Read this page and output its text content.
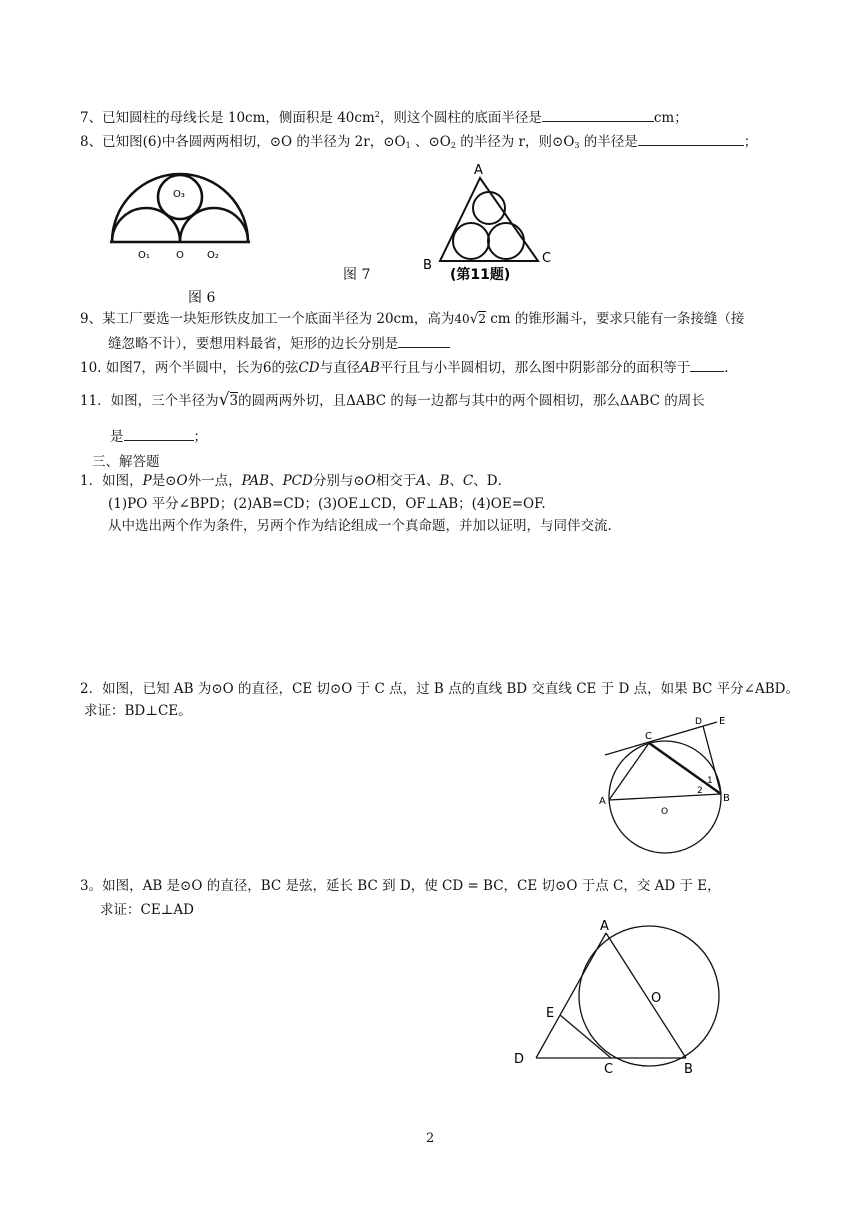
7、已知圆柱的母线长是 10cm，侧面积是 $40cm^2$，则这个圆柱的底面半径是	cm；
8、已知图(6)中各圆两两相切，⊙O 的半径为 2r，$⊙O_1$ 、$⊙O_2$ 的半径为 r，则$⊙O_3$ 的半径是	；
O₃
O₁	O O₂
图 6
图 7
A
B	C
(第11题)
9、某工厂要选一块矩形铁皮加工一个底面半径为 20cm，高为40√2 cm 的锥形漏斗，要求只能有一条接缝（接
缝忽略不计），要想用料最省，矩形的边长分别是
10. 如图7，两个半圆中，长为6的弦CD与直径AB平行且与小半圆相切，那么图中阴影部分的面积等于	.
11．如图，三个半径为√3的圆两两外切，且ΔABC 的每一边都与其中的两个圆相切，那么ΔABC 的周长
是	；
三、解答题
1．如图，P是⊙O外一点，PAB、PCD分别与⊙O相交于A、B、C、D．
(1)PO 平分∠BPD；(2)AB=CD；(3)OE⊥CD，OF⊥AB；(4)OE=OF.
从中选出两个作为条件，另两个作为结论组成一个真命题，并加以证明，与同伴交流.
2．如图，已知 AB 为⊙O 的直径，CE 切⊙O 于 C 点，过 B 点的直线 BD 交直线 CE 于 D 点，如果 BC 平分∠ABD。
求证：BD⊥CE。
C
D E
A
O
B
1
2
3。如图，AB 是⊙O 的直径，BC 是弦，延长 BC 到 D，使 CD = BC，CE 切⊙O 于点 C，交 AD 于 E，
求证：CE⊥AD
A
O
E
D
C	B
2
